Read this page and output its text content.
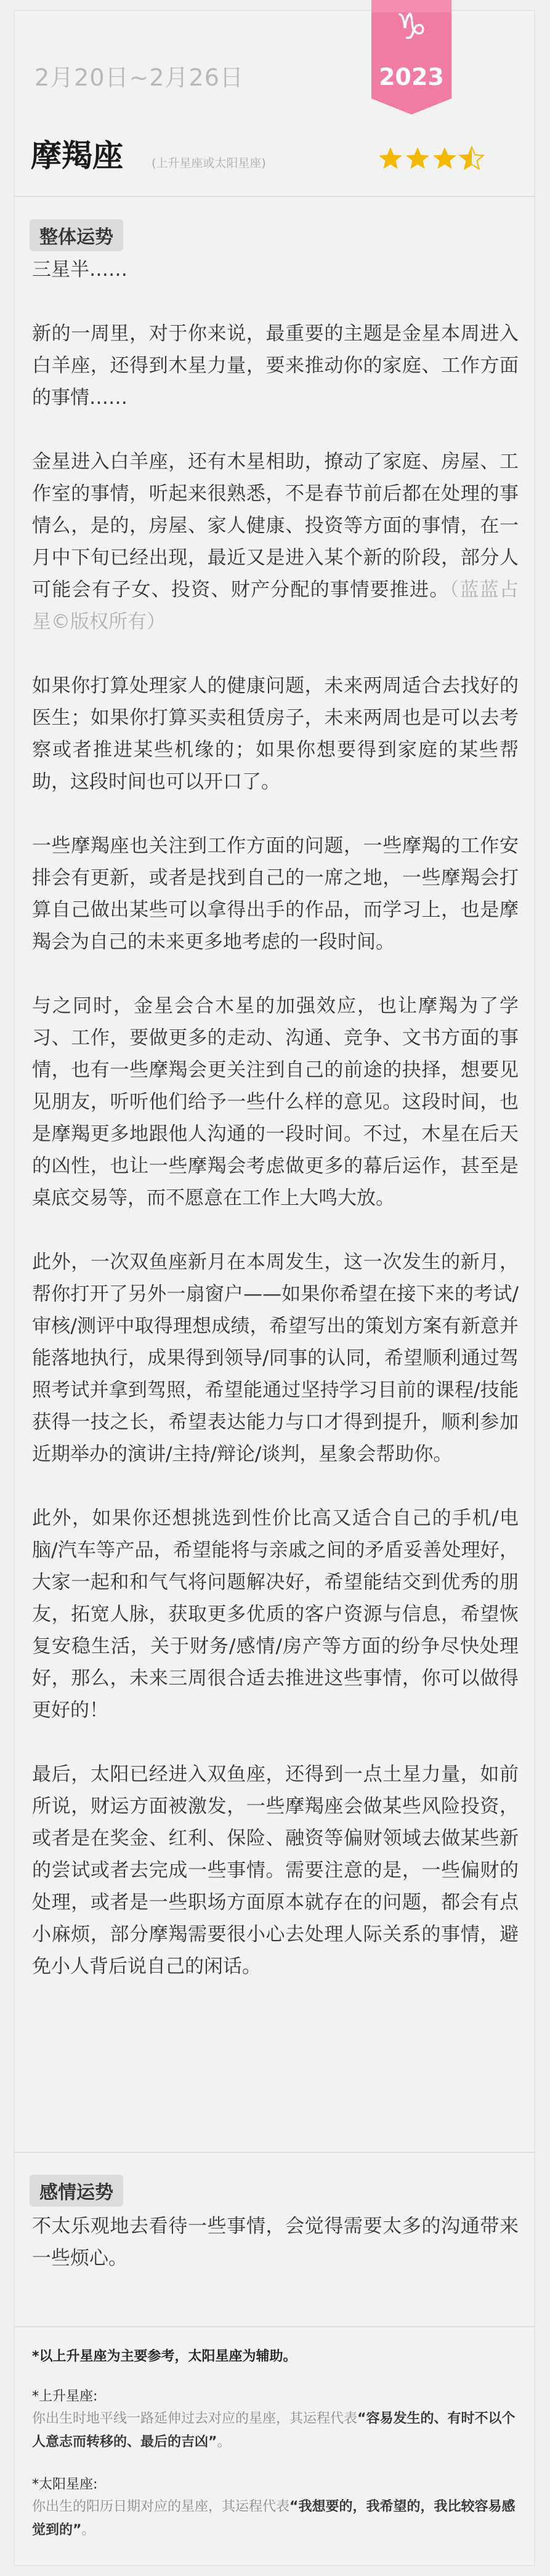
2月20日~2月26日
♑
2023
摩羯座 (上升星座或太阳星座)
整体运势

三星半……

新的一周里，对于你来说，最重要的主题是金星本周进入白羊座，还得到木星力量，要来推动你的家庭、工作方面的事情……

金星进入白羊座，还有木星相助，撩动了家庭、房屋、工作室的事情，听起来很熟悉，不是春节前后都在处理的事情么，是的，房屋、家人健康、投资等方面的事情，在一月中下旬已经出现，最近又是进入某个新的阶段，部分人可能会有子女、投资、财产分配的事情要推进。（蓝蓝占星©版权所有）

如果你打算处理家人的健康问题，未来两周适合去找好的医生；如果你打算买卖租赁房子，未来两周也是可以去考察或者推进某些机缘的；如果你想要得到家庭的某些帮助，这段时间也可以开口了。

一些摩羯座也关注到工作方面的问题，一些摩羯的工作安排会有更新，或者是找到自己的一席之地，一些摩羯会打算自己做出某些可以拿得出手的作品，而学习上，也是摩羯会为自己的未来更多地考虑的一段时间。

与之同时，金星会合木星的加强效应，也让摩羯为了学习、工作，要做更多的走动、沟通、竞争、文书方面的事情，也有一些摩羯会更关注到自己的前途的抉择，想要见见朋友，听听他们给予一些什么样的意见。这段时间，也是摩羯更多地跟他人沟通的一段时间。不过，木星在后天的凶性，也让一些摩羯会考虑做更多的幕后运作，甚至是桌底交易等，而不愿意在工作上大鸣大放。

此外，一次双鱼座新月在本周发生，这一次发生的新月，帮你打开了另外一扇窗户——如果你希望在接下来的考试/审核/测评中取得理想成绩，希望写出的策划方案有新意并能落地执行，成果得到领导/同事的认同，希望顺利通过驾照考试并拿到驾照，希望能通过坚持学习目前的课程/技能获得一技之长，希望表达能力与口才得到提升，顺利参加近期举办的演讲/主持/辩论/谈判，星象会帮助你。

此外，如果你还想挑选到性价比高又适合自己的手机/电脑/汽车等产品，希望能将与亲戚之间的矛盾妥善处理好，大家一起和和气气将问题解决好，希望能结交到优秀的朋友，拓宽人脉，获取更多优质的客户资源与信息，希望恢复安稳生活，关于财务/感情/房产等方面的纷争尽快处理好，那么，未来三周很合适去推进这些事情，你可以做得更好的！

最后，太阳已经进入双鱼座，还得到一点土星力量，如前所说，财运方面被激发，一些摩羯座会做某些风险投资，或者是在奖金、红利、保险、融资等偏财领域去做某些新的尝试或者去完成一些事情。需要注意的是，一些偏财的处理，或者是一些职场方面原本就存在的问题，都会有点小麻烦，部分摩羯需要很小心去处理人际关系的事情，避免小人背后说自己的闲话。

感情运势

不太乐观地去看待一些事情，会觉得需要太多的沟通带来一些烦心。

*以上升星座为主要参考，太阳星座为辅助。
*上升星座:
你出生时地平线一路延伸过去对应的星座，其运程代表“容易发生的、有时不以个人意志而转移的、最后的吉凶”。
*太阳星座:
你出生的阳历日期对应的星座，其运程代表“我想要的，我希望的，我比较容易感觉到的”。
